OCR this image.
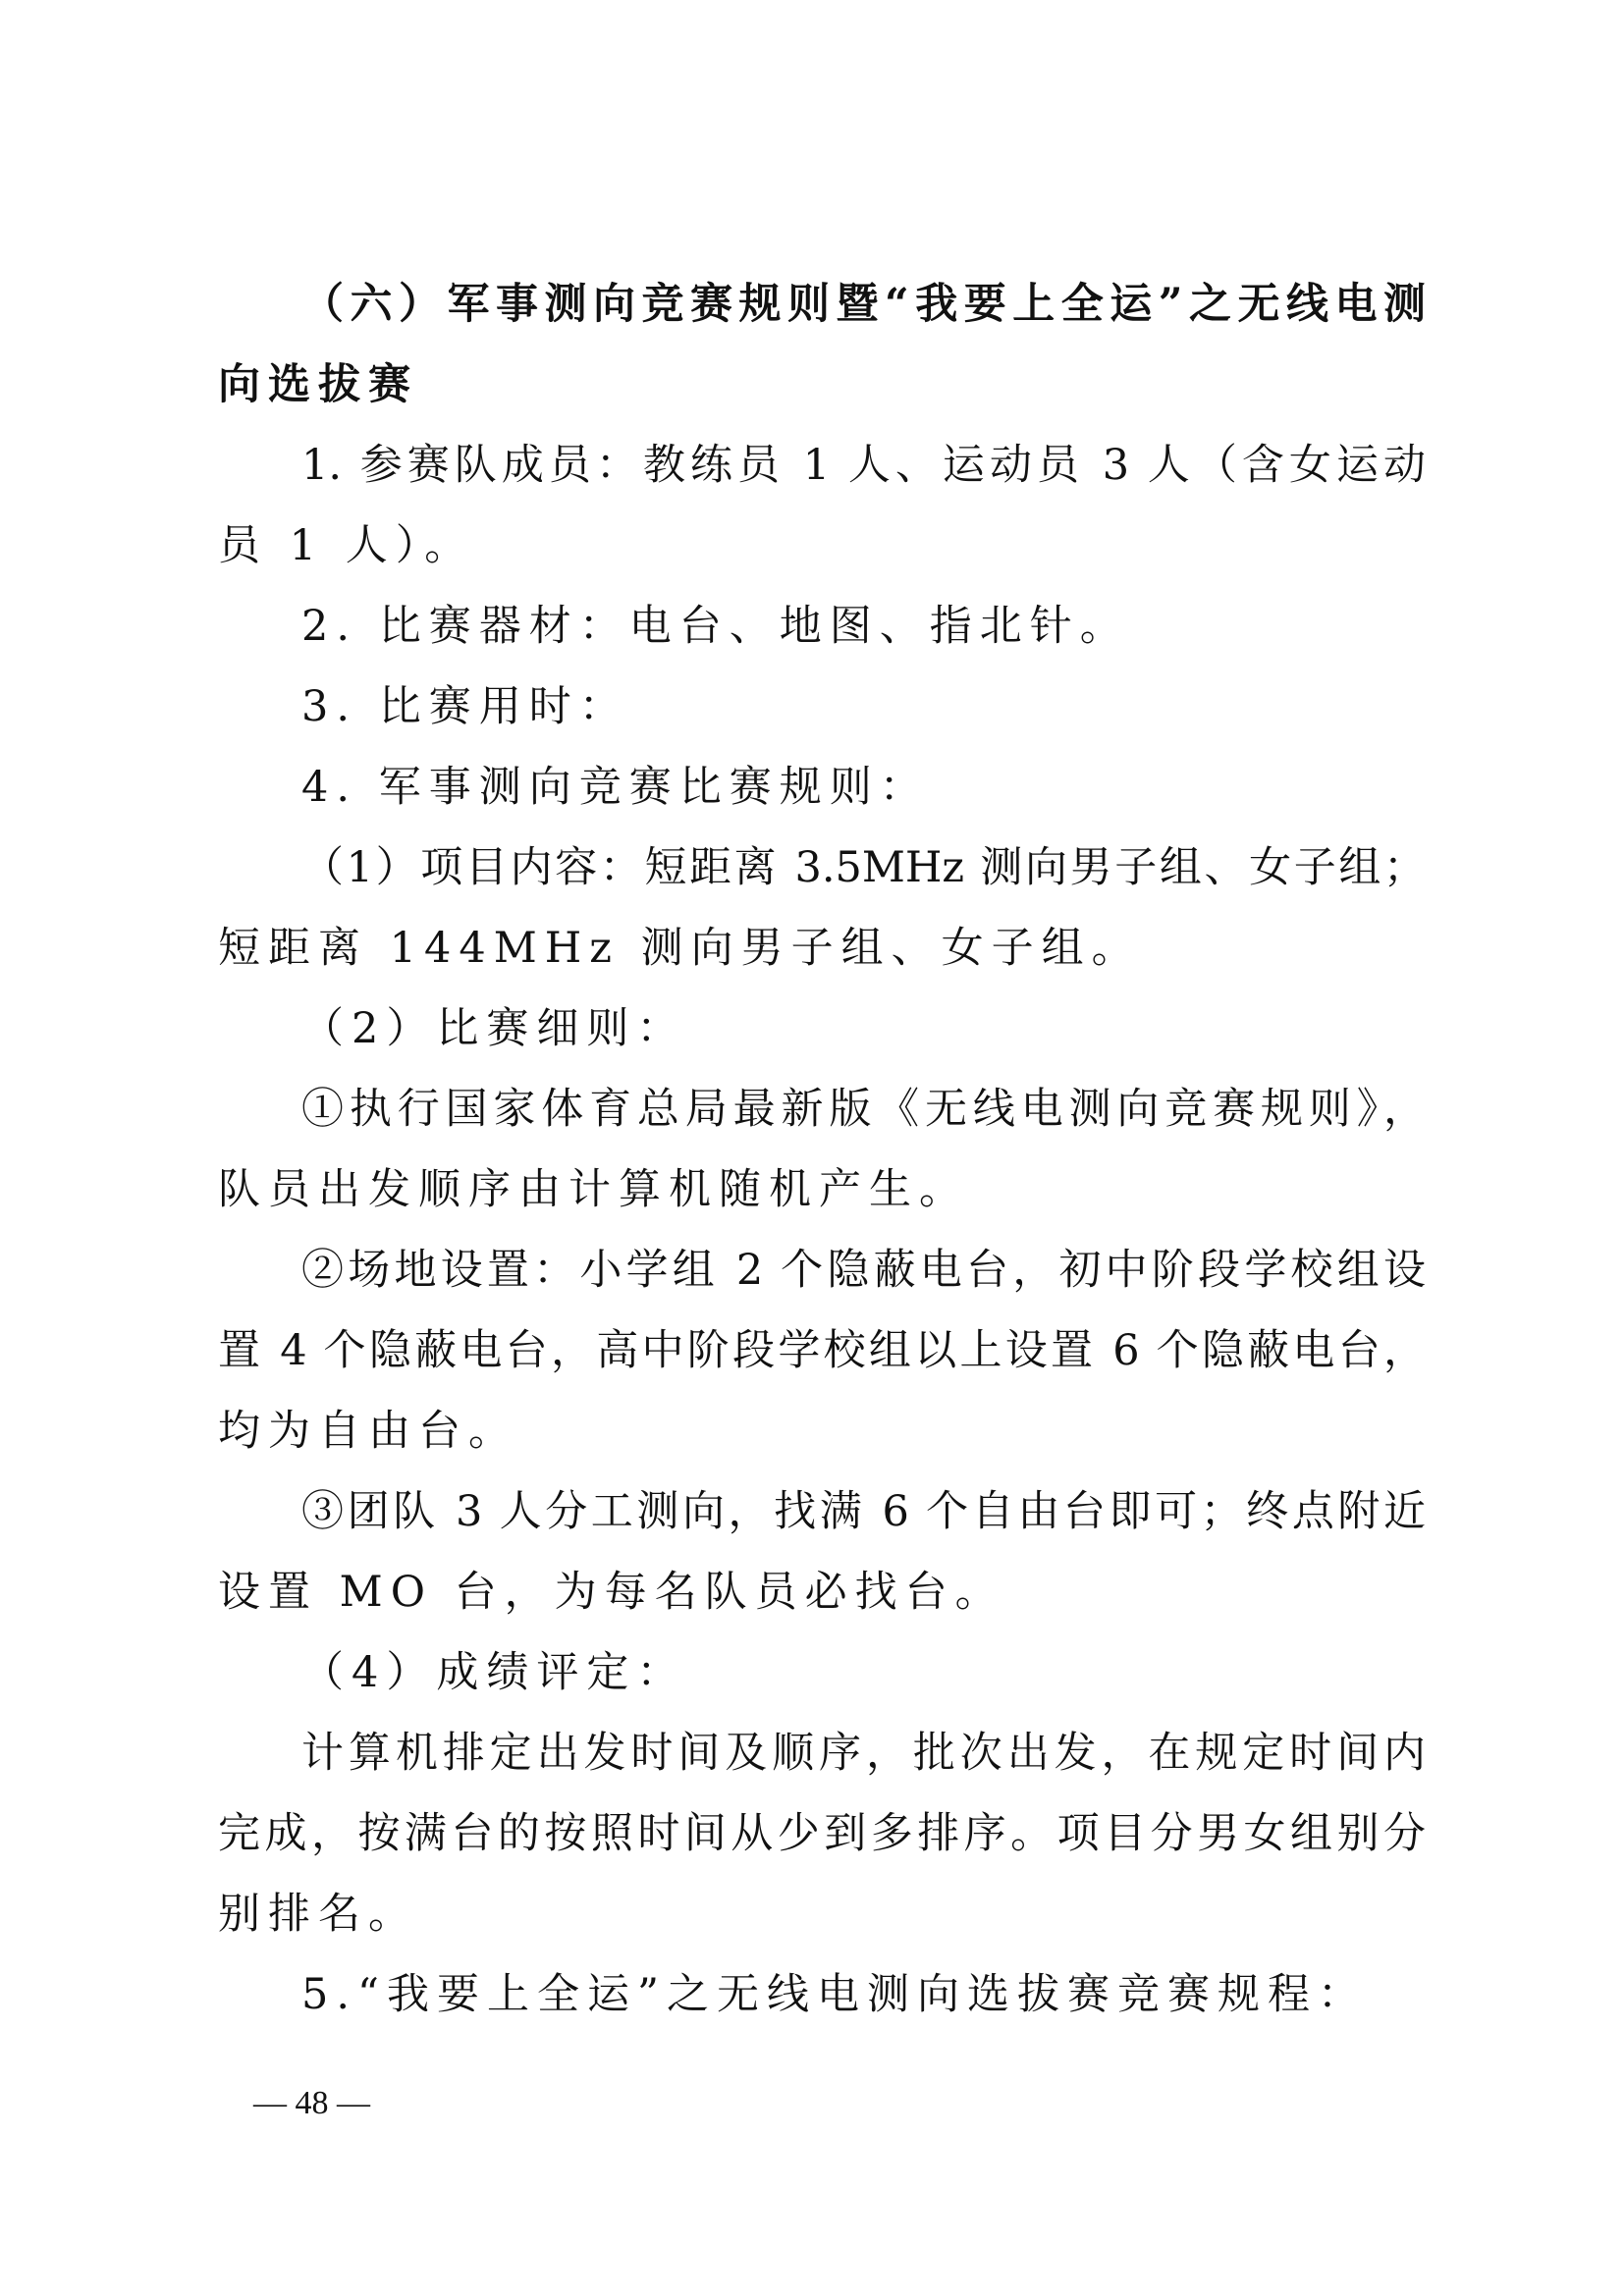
（六）军事测向竞赛规则暨“我要上全运”之无线电测
向选拔赛
1. 参赛队成员：教练员 1 人、运动员 3 人（含女运动
员 1 人）。
2. 比赛器材：电台、地图、指北针。
3. 比赛用时：
4. 军事测向竞赛比赛规则：
（1）项目内容：短距离 3.5MHz 测向男子组、女子组；
短距离 144MHz 测向男子组、女子组。
（2）比赛细则：
①执行国家体育总局最新版《无线电测向竞赛规则》，
队员出发顺序由计算机随机产生。
②场地设置：小学组 2 个隐蔽电台，初中阶段学校组设
置 4 个隐蔽电台，高中阶段学校组以上设置 6 个隐蔽电台，
均为自由台。
③团队 3 人分工测向，找满 6 个自由台即可；终点附近
设置 MO 台，为每名队员必找台。
（4）成绩评定：
计算机排定出发时间及顺序，批次出发，在规定时间内
完成，按满台的按照时间从少到多排序。项目分男女组别分
别排名。
5.“我要上全运”之无线电测向选拔赛竞赛规程：
— 48 —
